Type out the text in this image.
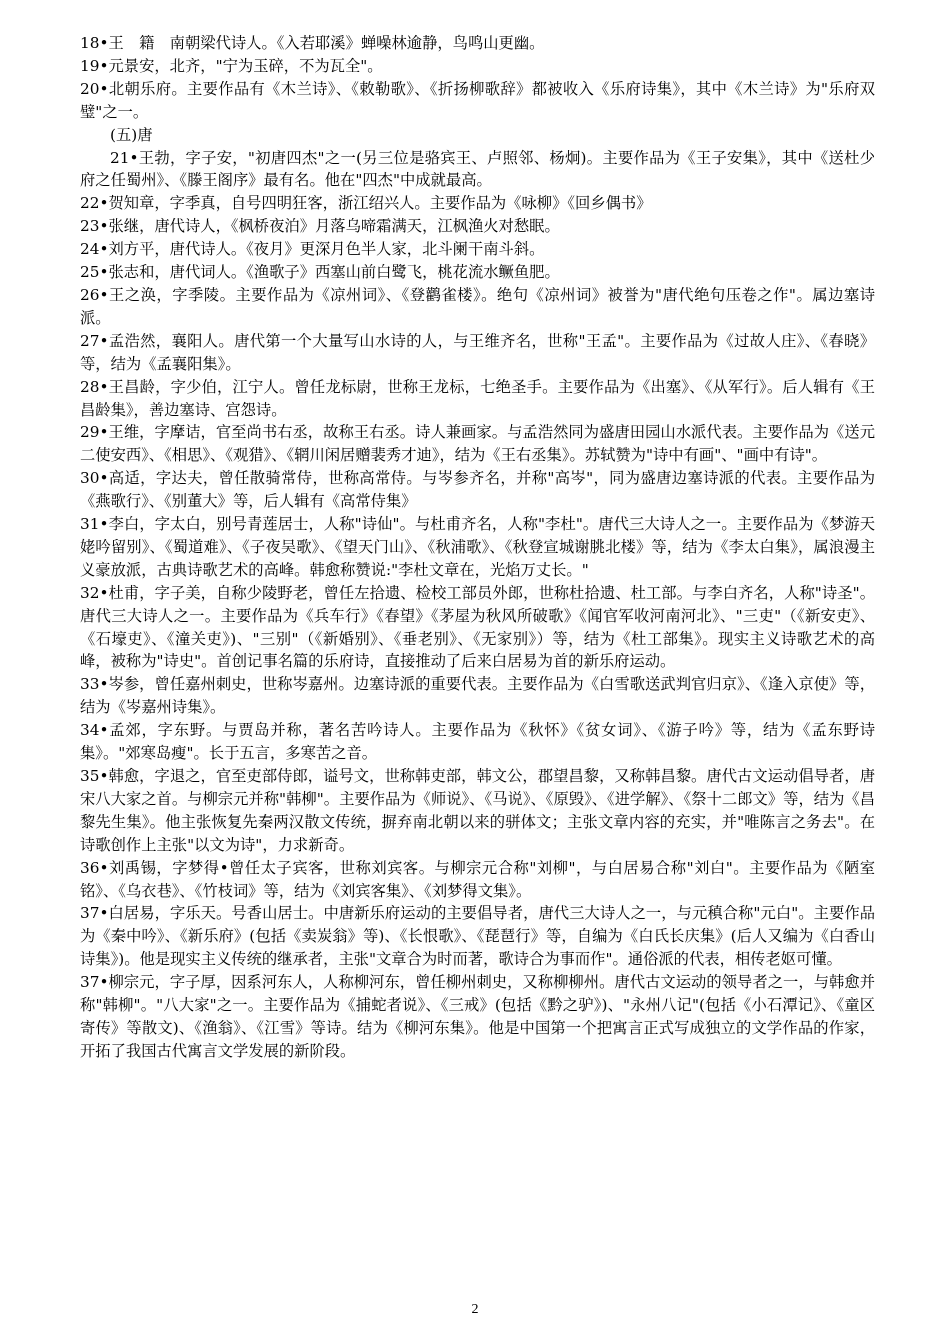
18•王　籍　南朝梁代诗人。《入若耶溪》蝉噪林逾静，鸟鸣山更幽。

19•元景安，北齐，"宁为玉碎，不为瓦全"。

20•北朝乐府。主要作品有《木兰诗》、《敕勒歌》、《折扬柳歌辞》都被收入《乐府诗集》，其中《木兰诗》为"乐府双璧"之一。

(五)唐

21•王勃，字子安，"初唐四杰"之一(另三位是骆宾王、卢照邻、杨炯)。主要作品为《王子安集》，其中《送杜少府之任蜀州》、《滕王阁序》最有名。他在"四杰"中成就最高。

22•贺知章，字季真，自号四明狂客，浙江绍兴人。主要作品为《咏柳》《回乡偶书》

23•张继，唐代诗人，《枫桥夜泊》月落乌啼霜满天，江枫渔火对愁眠。

24•刘方平，唐代诗人。《夜月》更深月色半人家，北斗阑干南斗斜。

25•张志和，唐代词人。《渔歌子》西塞山前白鹭飞，桃花流水鳜鱼肥。

26•王之涣，字季陵。主要作品为《凉州词》、《登鹳雀楼》。绝句《凉州词》被誉为"唐代绝句压卷之作"。属边塞诗派。

27•孟浩然，襄阳人。唐代第一个大量写山水诗的人，与王维齐名，世称"王孟"。主要作品为《过故人庄》、《春晓》等，结为《孟襄阳集》。

28•王昌龄，字少伯，江宁人。曾任龙标尉，世称王龙标，七绝圣手。主要作品为《出塞》、《从军行》。后人辑有《王昌龄集》，善边塞诗、宫怨诗。

29•王维，字摩诘，官至尚书右丞，故称王右丞。诗人兼画家。与孟浩然同为盛唐田园山水派代表。主要作品为《送元二使安西》、《相思》、《观猎》、《辋川闲居赠裴秀才迪》，结为《王右丞集》。苏轼赞为"诗中有画"、"画中有诗"。

30•高适，字达夫，曾任散骑常侍，世称高常侍。与岑参齐名，并称"高岑"，同为盛唐边塞诗派的代表。主要作品为《燕歌行》、《别董大》等，后人辑有《高常侍集》

31•李白，字太白，别号青莲居士，人称"诗仙"。与杜甫齐名，人称"李杜"。唐代三大诗人之一。主要作品为《梦游天姥吟留别》、《蜀道难》、《子夜吴歌》、《望天门山》、《秋浦歌》、《秋登宣城谢朓北楼》等，结为《李太白集》，属浪漫主义豪放派，古典诗歌艺术的高峰。韩愈称赞说:"李杜文章在，光焰万丈长。"

32•杜甫，字子美，自称少陵野老，曾任左拾遗、检校工部员外郎，世称杜拾遗、杜工部。与李白齐名，人称"诗圣"。唐代三大诗人之一。主要作品为《兵车行》《春望》《茅屋为秋风所破歌》《闻官军收河南河北》、"三吏"（《新安吏》、《石壕吏》、《潼关吏》)、"三别"（《新婚别》、《垂老别》、《无家别》）等，结为《杜工部集》。现实主义诗歌艺术的高峰，被称为"诗史"。首创记事名篇的乐府诗，直接推动了后来白居易为首的新乐府运动。

33•岑参，曾任嘉州刺史，世称岑嘉州。边塞诗派的重要代表。主要作品为《白雪歌送武判官归京》、《逢入京使》等，结为《岑嘉州诗集》。

34•孟郊，字东野。与贾岛并称，著名苦吟诗人。主要作品为《秋怀》《贫女词》、《游子吟》等，结为《孟东野诗集》。"郊寒岛瘦"。长于五言，多寒苦之音。

35•韩愈，字退之，官至吏部侍郎，谥号文，世称韩吏部，韩文公，郡望昌黎，又称韩昌黎。唐代古文运动倡导者，唐宋八大家之首。与柳宗元并称"韩柳"。主要作品为《师说》、《马说》、《原毁》、《进学解》、《祭十二郎文》等，结为《昌黎先生集》。他主张恢复先秦两汉散文传统，摒弃南北朝以来的骈体文；主张文章内容的充实，并"唯陈言之务去"。在诗歌创作上主张"以文为诗"，力求新奇。

36•刘禹锡，字梦得•曾任太子宾客，世称刘宾客。与柳宗元合称"刘柳"，与白居易合称"刘白"。主要作品为《陋室铭》、《乌衣巷》、《竹枝词》等，结为《刘宾客集》、《刘梦得文集》。

37•白居易，字乐天。号香山居士。中唐新乐府运动的主要倡导者，唐代三大诗人之一，与元稹合称"元白"。主要作品为《秦中吟》、《新乐府》(包括《卖炭翁》等)、《长恨歌》、《琵琶行》等，自编为《白氏长庆集》(后人又编为《白香山诗集》)。他是现实主义传统的继承者，主张"文章合为时而著，歌诗合为事而作"。通俗派的代表，相传老妪可懂。

37•柳宗元，字子厚，因系河东人，人称柳河东，曾任柳州刺史，又称柳柳州。唐代古文运动的领导者之一，与韩愈并称"韩柳"。"八大家"之一。主要作品为《捕蛇者说》、《三戒》(包括《黔之驴》)、"永州八记"(包括《小石潭记》、《童区寄传》等散文)、《渔翁》、《江雪》等诗。结为《柳河东集》。他是中国第一个把寓言正式写成独立的文学作品的作家，开拓了我国古代寓言文学发展的新阶段。

2
